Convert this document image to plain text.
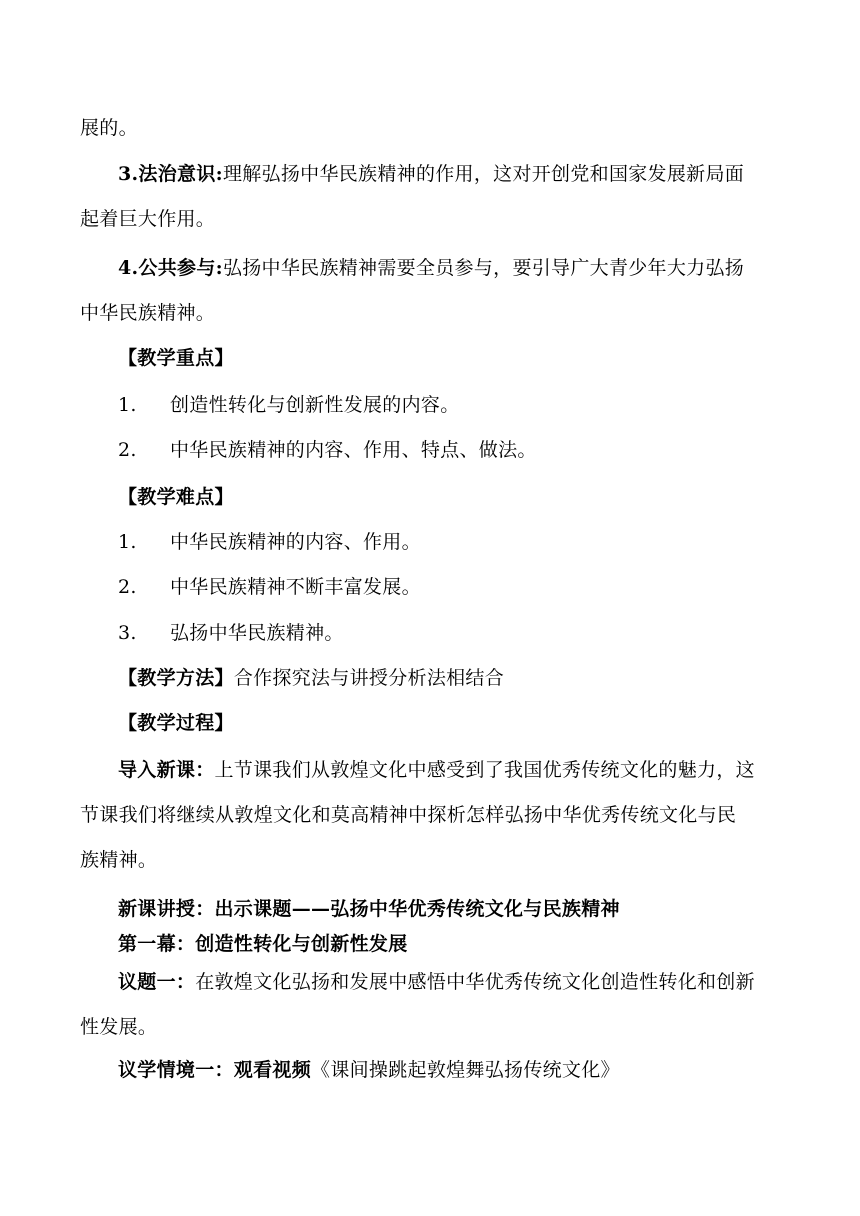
展的。
3.法治意识:理解弘扬中华民族精神的作用，这对开创党和国家发展新局面
起着巨大作用。
4.公共参与:弘扬中华民族精神需要全员参与，要引导广大青少年大力弘扬
中华民族精神。
【教学重点】
1. 创造性转化与创新性发展的内容。
2. 中华民族精神的内容、作用、特点、做法。
【教学难点】
1. 中华民族精神的内容、作用。
2. 中华民族精神不断丰富发展。
3. 弘扬中华民族精神。
【教学方法】合作探究法与讲授分析法相结合
【教学过程】
导入新课：上节课我们从敦煌文化中感受到了我国优秀传统文化的魅力，这
节课我们将继续从敦煌文化和莫高精神中探析怎样弘扬中华优秀传统文化与民
族精神。
新课讲授：出示课题——弘扬中华优秀传统文化与民族精神
第一幕：创造性转化与创新性发展
议题一：在敦煌文化弘扬和发展中感悟中华优秀传统文化创造性转化和创新
性发展。
议学情境一：观看视频《课间操跳起敦煌舞弘扬传统文化》
